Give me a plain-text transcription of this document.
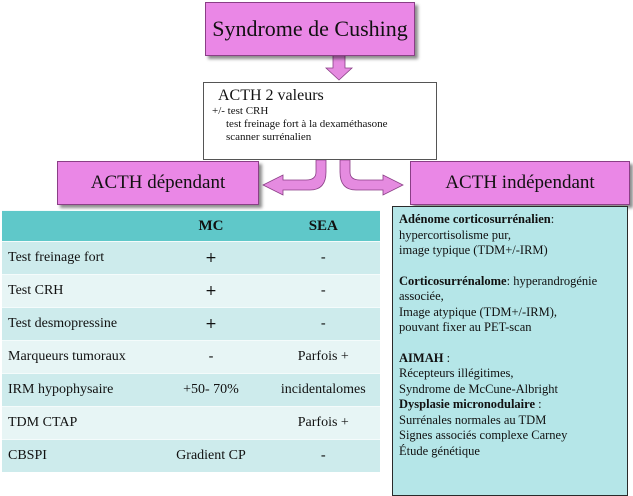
Syndrome de Cushing
ACTH 2 valeurs
+/- test CRH
test freinage fort à la dexaméthasone
scanner surrénalien
ACTH dépendant	ACTH indépendant
	MC	SEA
Test freinage fort	+	-
Test CRH	+	-
Test desmopressine	+	-
Marqueurs tumoraux	-	Parfois +
IRM hypophysaire	+50- 70%	incidentalomes
TDM CTAP		Parfois +
CBSPI	Gradient CP	-
Adénome corticosurrénalien:
hypercortisolisme pur,
image typique (TDM+/-IRM)
Corticosurrénalome: hyperandrogénie
associée,
Image atypique (TDM+/-IRM),
pouvant fixer au PET-scan
AIMAH :
Récepteurs illégitimes,
Syndrome de McCune-Albright
Dysplasie micronodulaire :
Surrénales normales au TDM
Signes associés complexe Carney
Étude génétique
